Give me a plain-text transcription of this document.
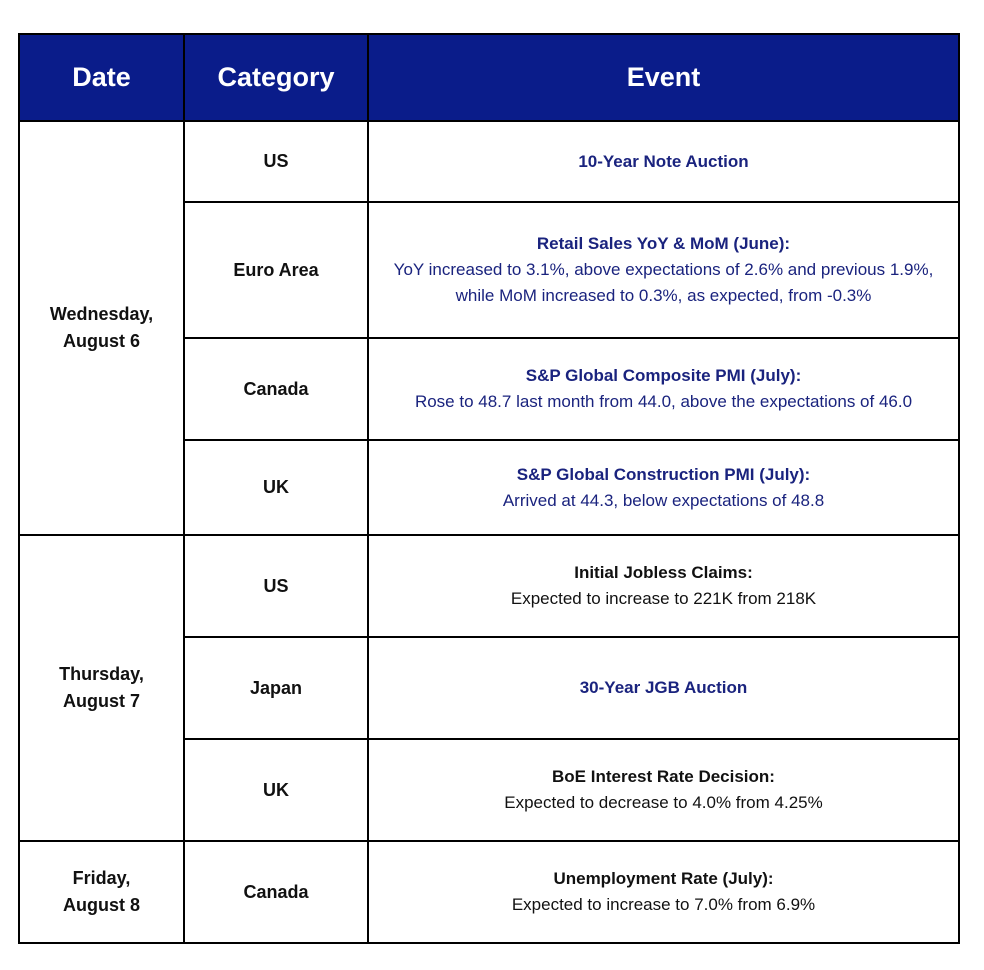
Date	Category	Event

Wednesday,
August 6	US	10-Year Note Auction

	Euro Area	Retail Sales YoY & MoM (June):
YoY increased to 3.1%, above expectations of 2.6% and previous 1.9%, while MoM increased to 0.3%, as expected, from -0.3%

	Canada	S&P Global Composite PMI (July):
Rose to 48.7 last month from 44.0, above the expectations of 46.0

	UK	S&P Global Construction PMI (July):
Arrived at 44.3, below expectations of 48.8

Thursday,
August 7	US	Initial Jobless Claims:
Expected to increase to 221K from 218K

	Japan	30-Year JGB Auction

	UK	BoE Interest Rate Decision:
Expected to decrease to 4.0% from 4.25%

Friday,
August 8	Canada	Unemployment Rate (July):
Expected to increase to 7.0% from 6.9%
